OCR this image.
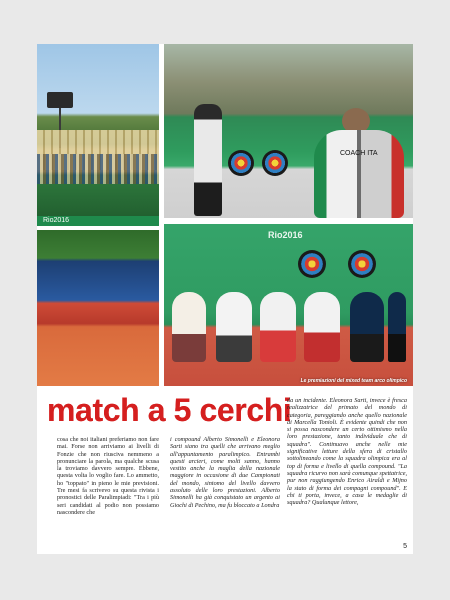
Rio2016
COACH ITA
Rio2016
Le premiazioni del mixed team arco olimpico
match a 5 cerchi

cosa che noi italiani preferiamo non fare mai. Forse non arriviamo ai livelli di Fonzie che non riusciva nemmeno a pronunciare la parola, ma qualche scusa la troviamo davvero sempre. Ebbene, questa volta lo voglio fare. Lo ammetto, ho "toppato" in pieno le mie previsioni. Tre mesi fa scrivevo su questa rivista i pronostici delle Paralimpiadi: "Tra i più seri candidati al podio non possiamo nascondere che

i compound Alberto Simonelli e Eleonora Sarti siano tra quelli che arrivano meglio all'appuntamento paralimpico. Entrambi questi arcieri, come molti sanno, hanno vestito anche la maglia della nazionale maggiore in occasione di due Campionati del mondo, sintomo del livello davvero assoluto delle loro prestazioni. Alberto Simonelli ha già conquistato un argento ai Giochi di Pechino, ma fu bloccato a Londra

da un incidente. Eleonora Sarti, invece è fresca realizzatrice del primato del mondo di categoria, pareggiando anche quello nazionale di Marcella Tonioli. È evidente quindi che non si possa nascondere un certo ottimismo nella loro prestazione, tanto individuale che di squadra". Continuavo anche nelle mie significative letture della sfera di cristallo sottolineando come la squadra olimpica era al top di forma e livello di quella compound. "La squadra ricurvo non sarà comunque spettatrice, pur non raggiungendo Enrico Airaldi e Mijno la stato di forma dei compagni compound". E chi ti porta, invece, a casa le medaglie di squadra? Qualunque lettore,

5
